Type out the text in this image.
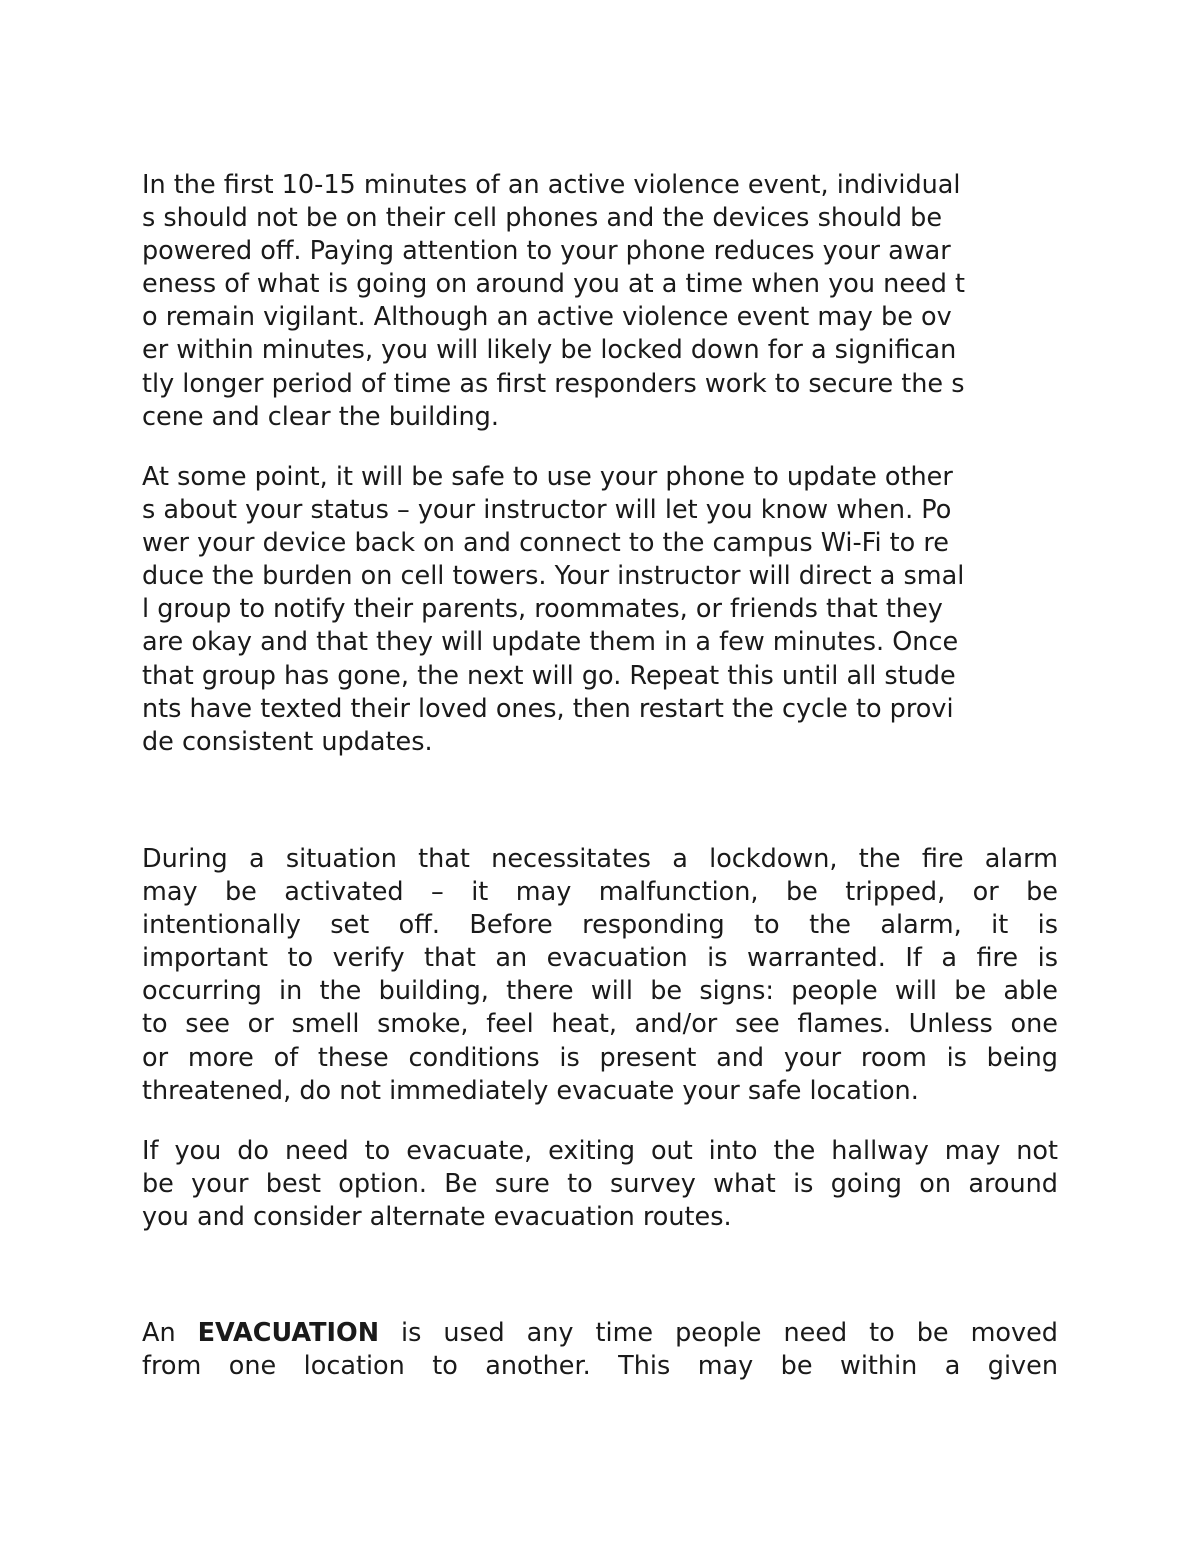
In the first 10-15 minutes of an active violence event, individual
s should not be on their cell phones and the devices should be
powered off. Paying attention to your phone reduces your awar
eness of what is going on around you at a time when you need t
o remain vigilant. Although an active violence event may be ov
er within minutes, you will likely be locked down for a significan
tly longer period of time as first responders work to secure the s
cene and clear the building.
At some point, it will be safe to use your phone to update other
s about your status – your instructor will let you know when. Po
wer your device back on and connect to the campus Wi-Fi to re
duce the burden on cell towers. Your instructor will direct a smal
l group to notify their parents, roommates, or friends that they
are okay and that they will update them in a few minutes. Once
that group has gone, the next will go. Repeat this until all stude
nts have texted their loved ones, then restart the cycle to provi
de consistent updates.
During a situation that necessitates a lockdown, the fire alarm
may be activated – it may malfunction, be tripped, or be
intentionally set off. Before responding to the alarm, it is
important to verify that an evacuation is warranted. If a fire is
occurring in the building, there will be signs: people will be able
to see or smell smoke, feel heat, and/or see flames. Unless one
or more of these conditions is present and your room is being
threatened, do not immediately evacuate your safe location.
If you do need to evacuate, exiting out into the hallway may not
be your best option. Be sure to survey what is going on around
you and consider alternate evacuation routes.
An EVACUATION is used any time people need to be moved
from one location to another. This may be within a given
